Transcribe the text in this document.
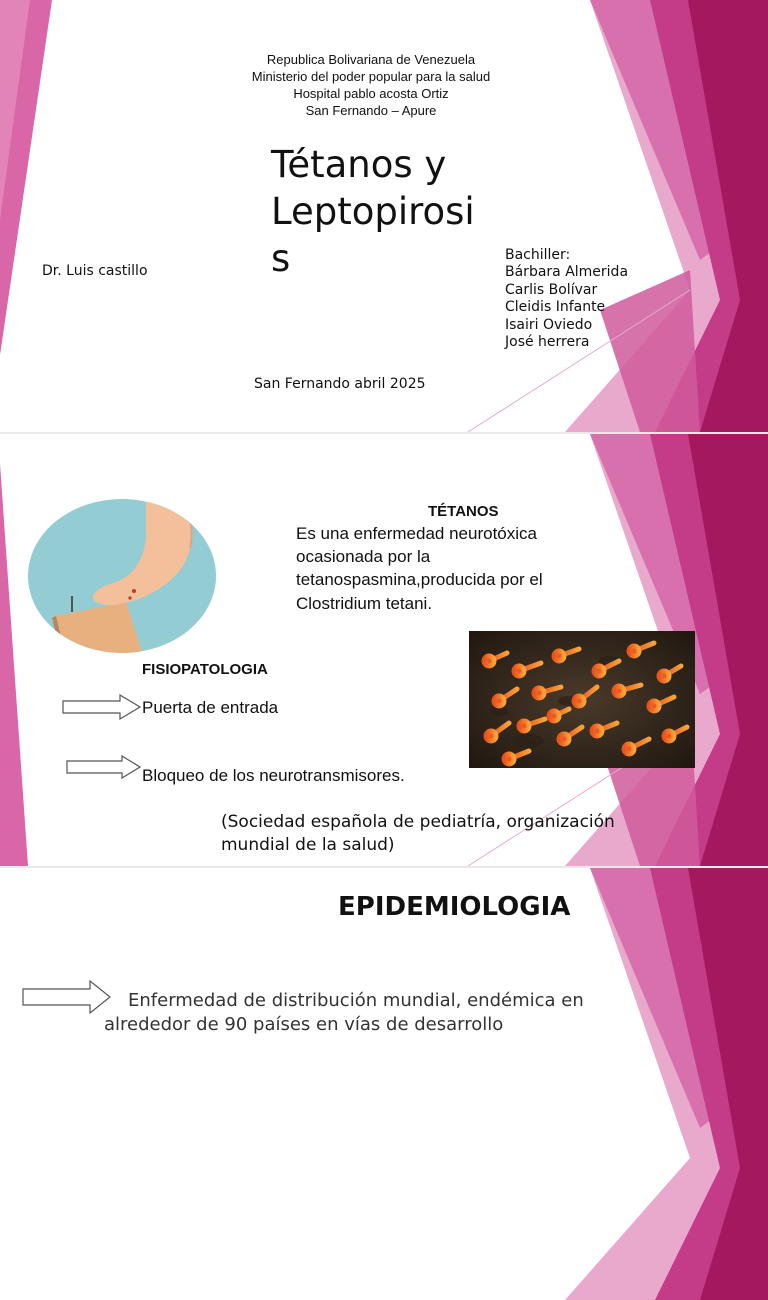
Republica Bolivariana de Venezuela
Ministerio del poder popular para la salud
Hospital pablo acosta Ortiz
San Fernando – Apure
Tétanos y
Leptopirosi
s
Dr. Luis castillo
Bachiller:
Bárbara Almerida
Carlis Bolívar
Cleidis Infante
Isairi Oviedo
José herrera
San Fernando abril 2025
TÉTANOS
Es una enfermedad neurotóxica
ocasionada por la
tetanospasmina,producida por el
Clostridium tetani.
FISIOPATOLOGIA
Puerta de entrada
Bloqueo de los neurotransmisores.
(Sociedad española de pediatría, organización
mundial de la salud)
EPIDEMIOLOGIA
Enfermedad de distribución mundial, endémica en
alrededor de 90 países en vías de desarrollo
